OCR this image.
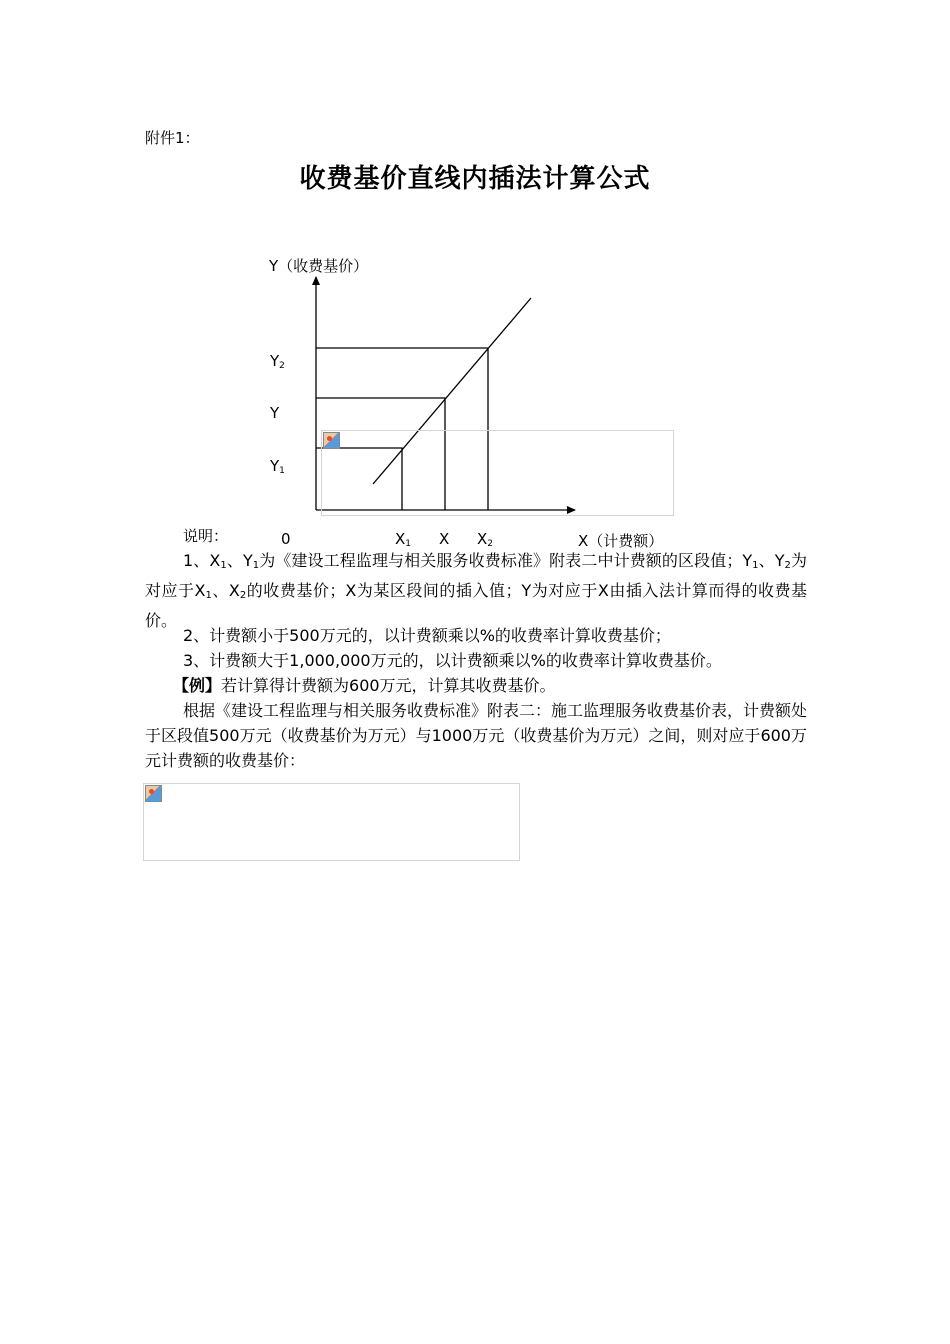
附件1：
收费基价直线内插法计算公式
Y（收费基价）
$Y_2$
Y
$Y_1$
0	$X_1$ X $X_2$	X（计费额）
说明：

1、$X_1$、$Y_1$为《建设工程监理与相关服务收费标准》附表二中计费额的区段值；$Y_1$、$Y_2$为对应于$X_1$、$X_2$的收费基价；X为某区段间的插入值；Y为对应于X由插入法计算而得的收费基价。

2、计费额小于500万元的，以计费额乘以%的收费率计算收费基价；

3、计费额大于1,000,000万元的，以计费额乘以%的收费率计算收费基价。

【例】若计算得计费额为600万元，计算其收费基价。

根据《建设工程监理与相关服务收费标准》附表二：施工监理服务收费基价表，计费额处于区段值500万元（收费基价为万元）与1000万元（收费基价为万元）之间，则对应于600万元计费额的收费基价：
